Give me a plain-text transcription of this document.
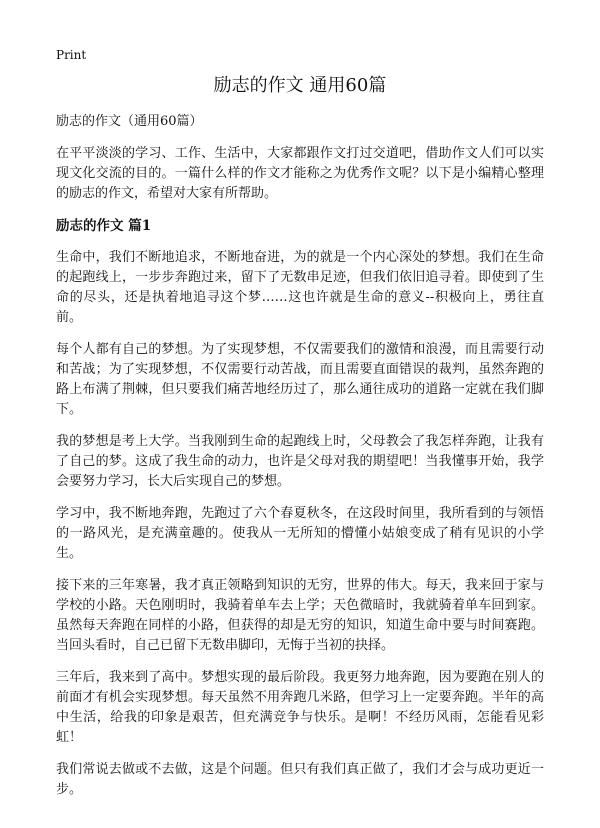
Print
励志的作文 通用60篇
励志的作文（通用60篇）

在平平淡淡的学习、工作、生活中，大家都跟作文打过交道吧，借助作文人们可以实现文化交流的目的。一篇什么样的作文才能称之为优秀作文呢？以下是小编精心整理的励志的作文，希望对大家有所帮助。

励志的作文 篇1

生命中，我们不断地追求，不断地奋进，为的就是一个内心深处的梦想。我们在生命的起跑线上，一步步奔跑过来，留下了无数串足迹，但我们依旧追寻着。即使到了生命的尽头，还是执着地追寻这个梦……这也许就是生命的意义--积极向上，勇往直前。

每个人都有自己的梦想。为了实现梦想，不仅需要我们的激情和浪漫，而且需要行动和苦战；为了实现梦想，不仅需要行动苦战，而且需要直面错误的裁判，虽然奔跑的路上布满了荆棘，但只要我们痛苦地经历过了，那么通往成功的道路一定就在我们脚下。

我的梦想是考上大学。当我刚到生命的起跑线上时，父母教会了我怎样奔跑，让我有了自己的梦。这成了我生命的动力，也许是父母对我的期望吧！当我懂事开始，我学会要努力学习，长大后实现自己的梦想。

学习中，我不断地奔跑，先跑过了六个春夏秋冬，在这段时间里，我所看到的与领悟的一路风光，是充满童趣的。使我从一无所知的懵懂小姑娘变成了稍有见识的小学生。

接下来的三年寒暑，我才真正领略到知识的无穷，世界的伟大。每天，我来回于家与学校的小路。天色刚明时，我骑着单车去上学；天色微暗时，我就骑着单车回到家。虽然每天奔跑在同样的小路，但获得的却是无穷的知识，知道生命中要与时间赛跑。当回头看时，自己已留下无数串脚印，无悔于当初的抉择。

三年后，我来到了高中。梦想实现的最后阶段。我更努力地奔跑，因为要跑在别人的前面才有机会实现梦想。每天虽然不用奔跑几米路，但学习上一定要奔跑。半年的高中生活，给我的印象是艰苦，但充满竞争与快乐。是啊！不经历风雨，怎能看见彩虹！

我们常说去做或不去做，这是个问题。但只有我们真正做了，我们才会与成功更近一步。
